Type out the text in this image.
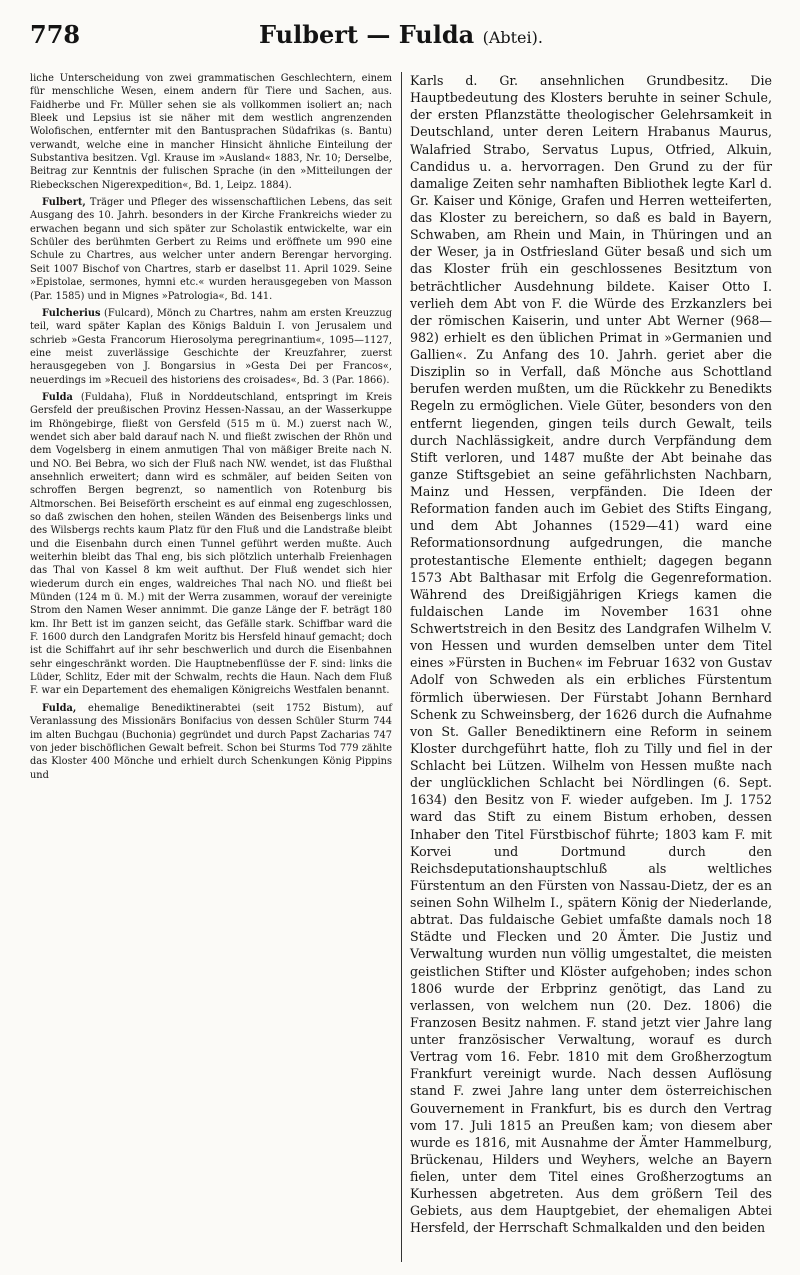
778	Fulbert — Fulda (Abtei).

liche Unterscheidung von zwei grammatischen Geschlechtern, einem für menschliche Wesen, einem andern für Tiere und Sachen, aus. Faidherbe und Fr. Müller sehen sie als vollkommen isoliert an; nach Bleek und Lepsius ist sie näher mit dem westlich angrenzenden Wolofischen, entfernter mit den Bantusprachen Südafrikas (s. Bantu) verwandt, welche eine in mancher Hinsicht ähnliche Einteilung der Substantiva besitzen. Vgl. Krause im »Ausland« 1883, Nr. 10; Derselbe, Beitrag zur Kenntnis der fulischen Sprache (in den »Mitteilungen der Riebeckschen Nigerexpedition«, Bd. 1, Leipz. 1884).

Fulbert, Träger und Pfleger des wissenschaftlichen Lebens, das seit Ausgang des 10. Jahrh. besonders in der Kirche Frankreichs wieder zu erwachen begann und sich später zur Scholastik entwickelte, war ein Schüler des berühmten Gerbert zu Reims und eröffnete um 990 eine Schule zu Chartres, aus welcher unter andern Berengar hervorging. Seit 1007 Bischof von Chartres, starb er daselbst 11. April 1029. Seine »Epistolae, sermones, hymni etc.« wurden herausgegeben von Masson (Par. 1585) und in Mignes »Patrologia«, Bd. 141.

Fulcherius (Fulcard), Mönch zu Chartres, nahm am ersten Kreuzzug teil, ward später Kaplan des Königs Balduin I. von Jerusalem und schrieb »Gesta Francorum Hierosolyma peregrinantium«, 1095—1127, eine meist zuverlässige Geschichte der Kreuzfahrer, zuerst herausgegeben von J. Bongarsius in »Gesta Dei per Francos«, neuerdings im »Recueil des historiens des croisades«, Bd. 3 (Par. 1866).

Fulda (Fuldaha), Fluß in Norddeutschland, entspringt im Kreis Gersfeld der preußischen Provinz Hessen-Nassau, an der Wasserkuppe im Rhöngebirge, fließt von Gersfeld (515 m ü. M.) zuerst nach W., wendet sich aber bald darauf nach N. und fließt zwischen der Rhön und dem Vogelsberg in einem anmutigen Thal von mäßiger Breite nach N. und NO. Bei Bebra, wo sich der Fluß nach NW. wendet, ist das Flußthal ansehnlich erweitert; dann wird es schmäler, auf beiden Seiten von schroffen Bergen begrenzt, so namentlich von Rotenburg bis Altmorschen. Bei Beiseförth erscheint es auf einmal eng zugeschlossen, so daß zwischen den hohen, steilen Wänden des Beisenbergs links und des Wilsbergs rechts kaum Platz für den Fluß und die Landstraße bleibt und die Eisenbahn durch einen Tunnel geführt werden mußte. Auch weiterhin bleibt das Thal eng, bis sich plötzlich unterhalb Freienhagen das Thal von Kassel 8 km weit aufthut. Der Fluß wendet sich hier wiederum durch ein enges, waldreiches Thal nach NO. und fließt bei Münden (124 m ü. M.) mit der Werra zusammen, worauf der vereinigte Strom den Namen Weser annimmt. Die ganze Länge der F. beträgt 180 km. Ihr Bett ist im ganzen seicht, das Gefälle stark. Schiffbar ward die F. 1600 durch den Landgrafen Moritz bis Hersfeld hinauf gemacht; doch ist die Schiffahrt auf ihr sehr beschwerlich und durch die Eisenbahnen sehr eingeschränkt worden. Die Hauptnebenflüsse der F. sind: links die Lüder, Schlitz, Eder mit der Schwalm, rechts die Haun. Nach dem Fluß F. war ein Departement des ehemaligen Königreichs Westfalen benannt.

Fulda, ehemalige Benediktinerabtei (seit 1752 Bistum), auf Veranlassung des Missionärs Bonifacius von dessen Schüler Sturm 744 im alten Buchgau (Buchonia) gegründet und durch Papst Zacharias 747 von jeder bischöflichen Gewalt befreit. Schon bei Sturms Tod 779 zählte das Kloster 400 Mönche und erhielt durch Schenkungen König Pippins und

Karls d. Gr. ansehnlichen Grundbesitz. Die Hauptbedeutung des Klosters beruhte in seiner Schule, der ersten Pflanzstätte theologischer Gelehrsamkeit in Deutschland, unter deren Leitern Hrabanus Maurus, Walafried Strabo, Servatus Lupus, Otfried, Alkuin, Candidus u. a. hervorragen. Den Grund zu der für damalige Zeiten sehr namhaften Bibliothek legte Karl d. Gr. Kaiser und Könige, Grafen und Herren wetteiferten, das Kloster zu bereichern, so daß es bald in Bayern, Schwaben, am Rhein und Main, in Thüringen und an der Weser, ja in Ostfriesland Güter besaß und sich um das Kloster früh ein geschlossenes Besitztum von beträchtlicher Ausdehnung bildete. Kaiser Otto I. verlieh dem Abt von F. die Würde des Erzkanzlers bei der römischen Kaiserin, und unter Abt Werner (968—982) erhielt es den üblichen Primat in »Germanien und Gallien«. Zu Anfang des 10. Jahrh. geriet aber die Disziplin so in Verfall, daß Mönche aus Schottland berufen werden mußten, um die Rückkehr zu Benedikts Regeln zu ermöglichen. Viele Güter, besonders von den entfernt liegenden, gingen teils durch Gewalt, teils durch Nachlässigkeit, andre durch Verpfändung dem Stift verloren, und 1487 mußte der Abt beinahe das ganze Stiftsgebiet an seine gefährlichsten Nachbarn, Mainz und Hessen, verpfänden. Die Ideen der Reformation fanden auch im Gebiet des Stifts Eingang, und dem Abt Johannes (1529—41) ward eine Reformationsordnung aufgedrungen, die manche protestantische Elemente enthielt; dagegen begann 1573 Abt Balthasar mit Erfolg die Gegenreformation. Während des Dreißigjährigen Kriegs kamen die fuldaischen Lande im November 1631 ohne Schwertstreich in den Besitz des Landgrafen Wilhelm V. von Hessen und wurden demselben unter dem Titel eines »Fürsten in Buchen« im Februar 1632 von Gustav Adolf von Schweden als ein erbliches Fürstentum förmlich überwiesen. Der Fürstabt Johann Bernhard Schenk zu Schweinsberg, der 1626 durch die Aufnahme von St. Galler Benediktinern eine Reform in seinem Kloster durchgeführt hatte, floh zu Tilly und fiel in der Schlacht bei Lützen. Wilhelm von Hessen mußte nach der unglücklichen Schlacht bei Nördlingen (6. Sept. 1634) den Besitz von F. wieder aufgeben. Im J. 1752 ward das Stift zu einem Bistum erhoben, dessen Inhaber den Titel Fürstbischof führte; 1803 kam F. mit Korvei und Dortmund durch den Reichsdeputationshauptschluß als weltliches Fürstentum an den Fürsten von Nassau-Dietz, der es an seinen Sohn Wilhelm I., spätern König der Niederlande, abtrat. Das fuldaische Gebiet umfaßte damals noch 18 Städte und Flecken und 20 Ämter. Die Justiz und Verwaltung wurden nun völlig umgestaltet, die meisten geistlichen Stifter und Klöster aufgehoben; indes schon 1806 wurde der Erbprinz genötigt, das Land zu verlassen, von welchem nun (20. Dez. 1806) die Franzosen Besitz nahmen. F. stand jetzt vier Jahre lang unter französischer Verwaltung, worauf es durch Vertrag vom 16. Febr. 1810 mit dem Großherzogtum Frankfurt vereinigt wurde. Nach dessen Auflösung stand F. zwei Jahre lang unter dem österreichischen Gouvernement in Frankfurt, bis es durch den Vertrag vom 17. Juli 1815 an Preußen kam; von diesem aber wurde es 1816, mit Ausnahme der Ämter Hammelburg, Brückenau, Hilders und Weyhers, welche an Bayern fielen, unter dem Titel eines Großherzogtums an Kurhessen abgetreten. Aus dem größern Teil des Gebiets, aus dem Hauptgebiet, der ehemaligen Abtei Hersfeld, der Herrschaft Schmalkalden und den beiden
